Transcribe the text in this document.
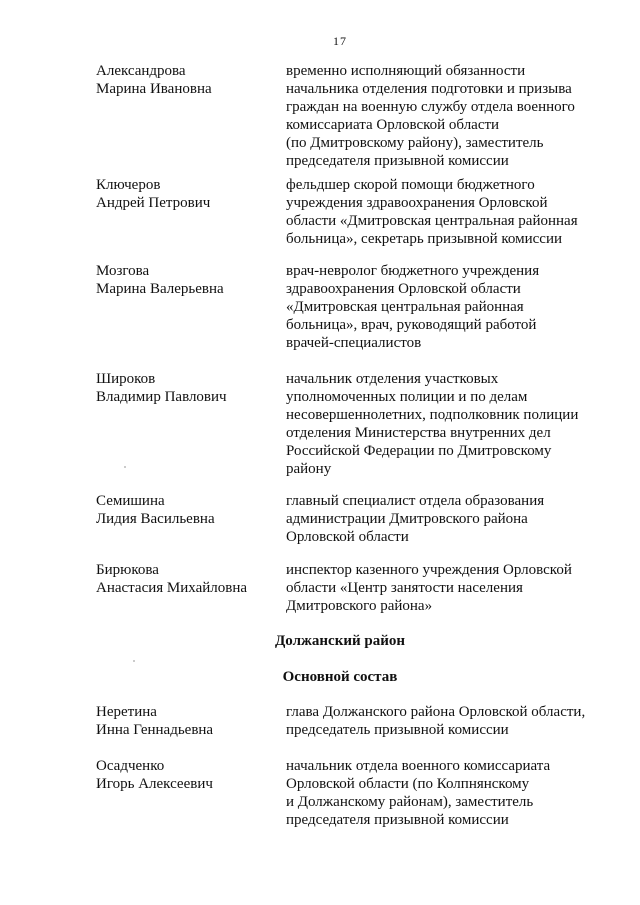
17
Александрова
Марина Ивановна
временно исполняющий обязанности
начальника отделения подготовки и призыва
граждан на военную службу отдела военного
комиссариата Орловской области
(по Дмитровскому району), заместитель
председателя призывной комиссии
Ключеров
Андрей Петрович
фельдшер скорой помощи бюджетного
учреждения здравоохранения Орловской
области «Дмитровская центральная районная
больница», секретарь призывной комиссии
Мозгова
Марина Валерьевна
врач-невролог бюджетного учреждения
здравоохранения Орловской области
«Дмитровская центральная районная
больница», врач, руководящий работой
врачей-специалистов
Широков
Владимир Павлович
начальник отделения участковых
уполномоченных полиции и по делам
несовершеннолетних, подполковник полиции
отделения Министерства внутренних дел
Российской Федерации по Дмитровскому
району
Семишина
Лидия Васильевна
главный специалист отдела образования
администрации Дмитровского района
Орловской области
Бирюкова
Анастасия Михайловна
инспектор казенного учреждения Орловской
области «Центр занятости населения
Дмитровского района»
Должанский район
Основной состав
Неретина
Инна Геннадьевна
глава Должанского района Орловской области,
председатель призывной комиссии
Осадченко
Игорь Алексеевич
начальник отдела военного комиссариата
Орловской области (по Колпнянскому
и Должанскому районам), заместитель
председателя призывной комиссии
